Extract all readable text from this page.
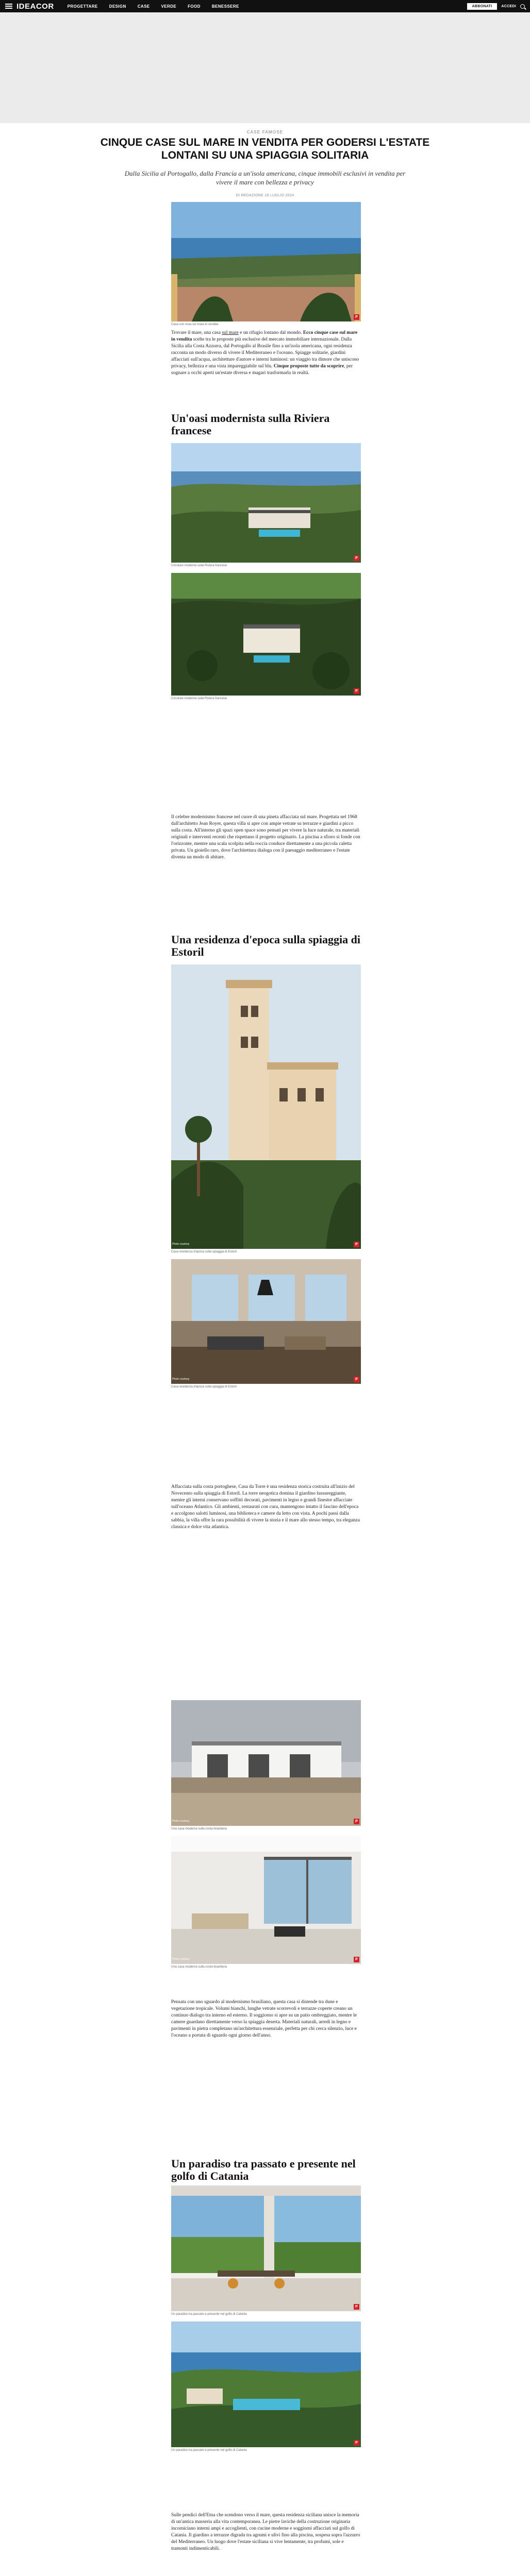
IDEACOR	PROGETTARE	DESIGN	CASE	VERDE	FOOD	BENESSERE	ABBONATI	ACCEDI
CASE FAMOSE
CINQUE CASE SUL MARE IN VENDITA PER GODERSI L'ESTATE LONTANI SU UNA SPIAGGIA SOLITARIA

Dalla Sicilia al Portogallo, dalla Francia a un'isola americana, cinque immobili esclusivi in vendita per vivere il mare con bellezza e privacy

DI REDAZIONE 19 LUGLIO 2024
P
Casa con vista sul mare in vendita

Trovare il mare, una casa sul mare e un rifugio lontano dal mondo. Ecco cinque case sul mare in vendita scelte tra le proposte più esclusive del mercato immobiliare internazionale. Dalla Sicilia alla Costa Azzurra, dal Portogallo al Brasile fino a un'isola americana, ogni residenza racconta un modo diverso di vivere il Mediterraneo e l'oceano. Spiagge solitarie, giardini affacciati sull'acqua, architetture d'autore e interni luminosi: un viaggio tra dimore che uniscono privacy, bellezza e una vista impareggiabile sul blu. Cinque proposte tutte da scoprire, per sognare a occhi aperti un'estate diversa e magari trasformarla in realtà.

Un'oasi modernista sulla Riviera francese
P
Circolare moderna sulla Riviera francese
P
Circolare moderna sulla Riviera francese

Il celebre modernismo francese nel cuore di una pineta affacciata sul mare. Progettata nel 1968 dall'architetto Jean Royer, questa villa si apre con ampie vetrate su terrazze e giardini a picco sulla costa. All'interno gli spazi open space sono pensati per vivere la luce naturale, tra materiali originali e interventi recenti che rispettano il progetto originario. La piscina a sfioro si fonde con l'orizzonte, mentre una scala scolpita nella roccia conduce direttamente a una piccola caletta privata. Un gioiello raro, dove l'architettura dialoga con il paesaggio mediterraneo e l'estate diventa un modo di abitare.

Una residenza d'epoca sulla spiaggia di Estoril
P
Photo courtesy
Casa residenza d'epoca sulla spiaggia di Estoril
P
Photo courtesy
Casa residenza d'epoca sulla spiaggia di Estoril

Affacciata sulla costa portoghese, Casa da Torre è una residenza storica costruita all'inizio del Novecento sulla spiaggia di Estoril. La torre neogotica domina il giardino lussureggiante, mentre gli interni conservano soffitti decorati, pavimenti in legno e grandi finestre affacciate sull'oceano Atlantico. Gli ambienti, restaurati con cura, mantengono intatto il fascino dell'epoca e accolgono salotti luminosi, una biblioteca e camere da letto con vista. A pochi passi dalla sabbia, la villa offre la rara possibilità di vivere la storia e il mare allo stesso tempo, tra eleganza classica e dolce vita atlantica.

P
Photo courtesy
Una casa moderna sulla costa brasiliana
P
Photo courtesy
Una casa moderna sulla costa brasiliana

Pensata con uno sguardo al modernismo brasiliano, questa casa si distende tra dune e vegetazione tropicale. Volumi bianchi, lunghe vetrate scorrevoli e terrazze coperte creano un continuo dialogo tra interno ed esterno. Il soggiorno si apre su un patio ombreggiato, mentre le camere guardano direttamente verso la spiaggia deserta. Materiali naturali, arredi in legno e pavimenti in pietra completano un'architettura essenziale, perfetta per chi cerca silenzio, luce e l'oceano a portata di sguardo ogni giorno dell'anno.

Un paradiso tra passato e presente nel golfo di Catania
P
Un paradiso tra passato e presente nel golfo di Catania
P
Un paradiso tra passato e presente nel golfo di Catania

Sulle pendici dell'Etna che scendono verso il mare, questa residenza siciliana unisce la memoria di un'antica masseria alla vita contemporanea. Le pietre laviche della costruzione originaria incorniciano interni ampi e accoglienti, con cucine moderne e soggiorni affacciati sul golfo di Catania. Il giardino a terrazze digrada tra agrumi e ulivi fino alla piscina, sospesa sopra l'azzurro del Mediterraneo. Un luogo dove l'estate siciliana si vive lentamente, tra profumi, sole e tramonti indimenticabili.
